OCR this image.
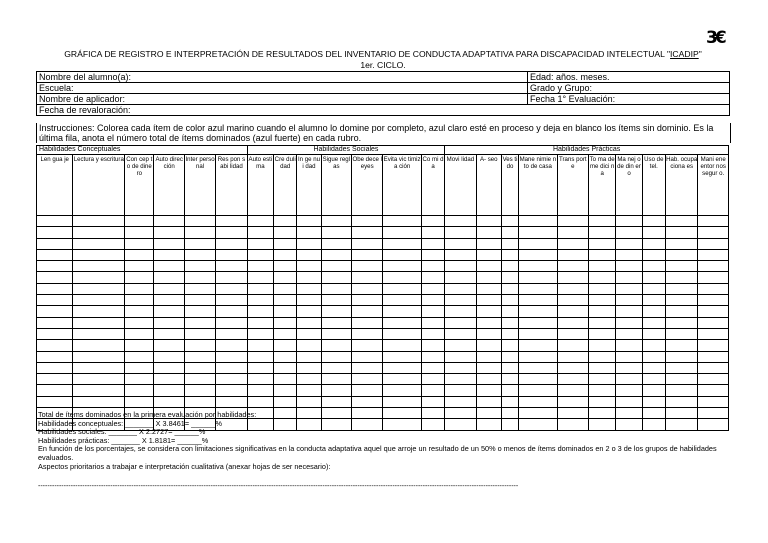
3€
GRÁFICA DE REGISTRO E INTERPRETACIÓN DE RESULTADOS DEL INVENTARIO DE CONDUCTA ADAPTATIVA PARA DISCAPACIDAD INTELECTUAL "ICADIP"
1er. CICLO.
Nombre del alumno(a):	Edad: años. meses.
Escuela:	Grado y Grupo:
Nombre de aplicador:	Fecha 1° Evaluación:
Fecha de revaloración:	
Instrucciones: Colorea cada ítem de color azul marino cuando el alumno lo domine por completo, azul claro esté en proceso y deja en blanco los ítems sin dominio. Es la última fila, anota el número total de ítems dominados (azul fuerte) en cada rubro.
Habilidades Conceptuales						Habilidades Sociales							Habilidades Prácticas									
Len gua je	Lectura y escritura	Con cep to de dine ro	Auto direc ción	Inter perso nal	Res pon sabi lidad	Auto esti ma	Cre duli dad	In ge nui dad	Sigue reglas	Obe dece leyes	Evita vic timiza ción	Co mi da	Movi lidad	A- seo	Ves tido	Mane nimie nto de casa	Trans porte	To ma de me dici na	Ma nej o de din ero	Uso de tel.	Hab. ocupa ciona es	Mani ene entor nos segur o.

Total de ítems dominados en la primera evaluación por habilidades:
Habilidades conceptuales: _______ X 3.8461= ______%
Habilidades sociales: _______ X 2.2727= ______%
Habilidades prácticas: _______ X 1.8181= ______%
En función de los porcentajes, se considera con limitaciones significativas en la conducta adaptativa aquel que arroje un resultado de un 50% o menos de ítems dominados en 2 o 3 de los grupos de habilidades evaluados.
Aspectos prioritarios a trabajar e interpretación cualitativa (anexar hojas de ser necesario):
--------------------------------------------------------------------------------------------------------------------------------------------------------------------------------------------------------------
